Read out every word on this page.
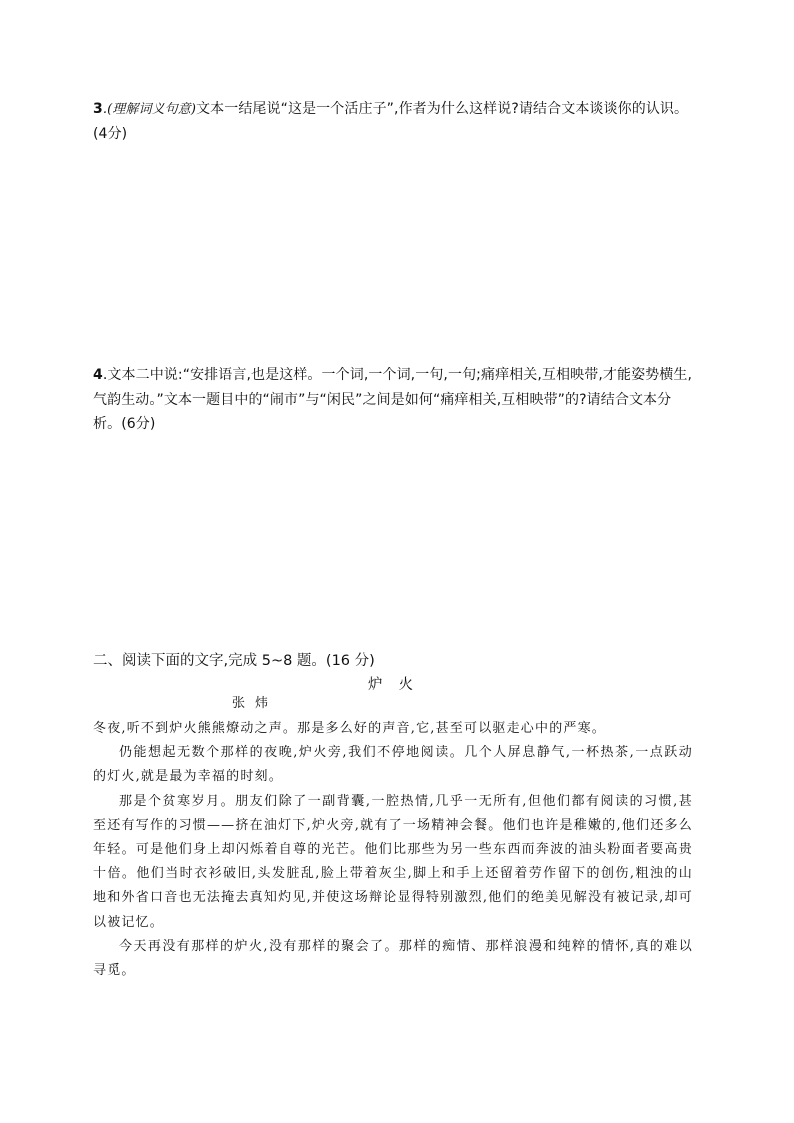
3.(理解词义句意)文本一结尾说“这是一个活庄子”,作者为什么这样说?请结合文本谈谈你的认识。(4分)
4.文本二中说:“安排语言,也是这样。一个词,一个词,一句,一句;痛痒相关,互相映带,才能姿势横生,气韵生动。”文本一题目中的“闹市”与“闲民”之间是如何“痛痒相关,互相映带”的?请结合文本分析。(6分)
二、阅读下面的文字,完成 5~8 题。(16 分)
炉火
张炜

冬夜,听不到炉火熊熊燎动之声。那是多么好的声音,它,甚至可以驱走心中的严寒。

仍能想起无数个那样的夜晚,炉火旁,我们不停地阅读。几个人屏息静气,一杯热茶,一点跃动的灯火,就是最为幸福的时刻。

那是个贫寒岁月。朋友们除了一副背囊,一腔热情,几乎一无所有,但他们都有阅读的习惯,甚至还有写作的习惯——挤在油灯下,炉火旁,就有了一场精神会餐。他们也许是稚嫩的,他们还多么年轻。可是他们身上却闪烁着自尊的光芒。他们比那些为另一些东西而奔波的油头粉面者要高贵十倍。他们当时衣衫破旧,头发脏乱,脸上带着灰尘,脚上和手上还留着劳作留下的创伤,粗浊的山地和外省口音也无法掩去真知灼见,并使这场辩论显得特别激烈,他们的绝美见解没有被记录,却可以被记忆。

今天再没有那样的炉火,没有那样的聚会了。那样的痴情、那样浪漫和纯粹的情怀,真的难以寻觅。
